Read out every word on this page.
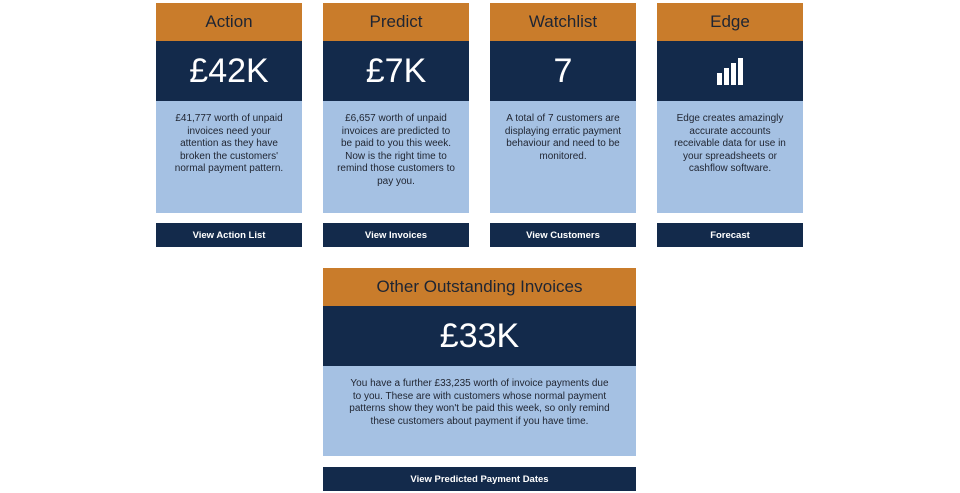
Action
£42K
£41,777 worth of unpaid invoices need your attention as they have broken the customers' normal payment pattern.
View Action List
Predict
£7K
£6,657 worth of unpaid invoices are predicted to be paid to you this week. Now is the right time to remind those customers to pay you.
View Invoices
Watchlist
7
A total of 7 customers are displaying erratic payment behaviour and need to be monitored.
View Customers
Edge
Edge creates amazingly accurate accounts receivable data for use in your spreadsheets or cashflow software.
Forecast
Other Outstanding Invoices
£33K
You have a further £33,235 worth of invoice payments due to you. These are with customers whose normal payment patterns show they won't be paid this week, so only remind these customers about payment if you have time.
View Predicted Payment Dates
